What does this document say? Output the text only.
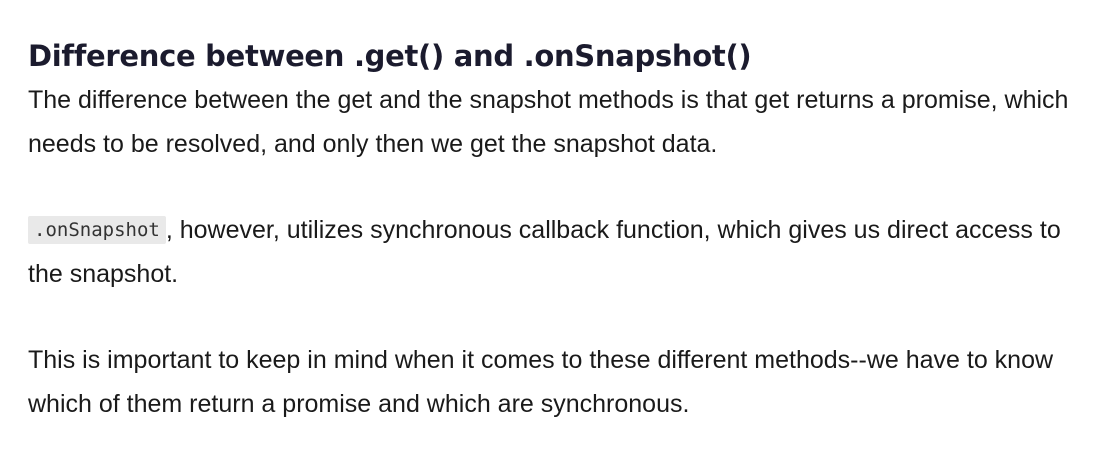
Difference between .get() and .onSnapshot()

The difference between the get and the snapshot methods is that get returns a promise, which needs to be resolved, and only then we get the snapshot data.

.onSnapshot , however, utilizes synchronous callback function, which gives us direct access to the snapshot.

This is important to keep in mind when it comes to these different methods--we have to know which of them return a promise and which are synchronous.
